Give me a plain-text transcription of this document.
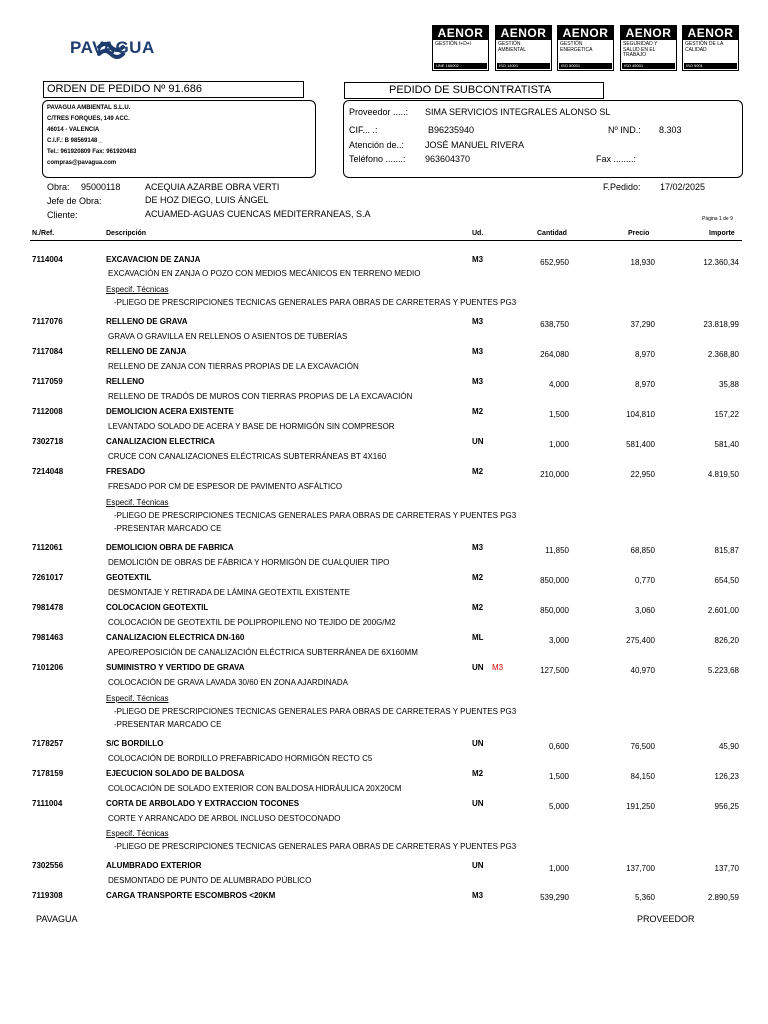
PAVAGUA
AENOR
GESTIÓN I+D+i
UNE 166002
AENOR
GESTIÓN AMBIENTAL
ISO 14001
AENOR
GESTIÓN ENERGÉTICA
ISO 50001
AENOR
SEGURIDAD Y SALUD EN EL TRABAJO
ISO 45001
AENOR
GESTIÓN DE LA CALIDAD
ISO 9001
ORDEN DE PEDIDO Nº 91.686	PEDIDO DE SUBCONTRATISTA
PAVAGUA AMBIENTAL S.L.U.
C/TRES FORQUES, 149 ACC.
46014 - VALENCIA
C.I.F.: B 98569148 _
Tel.: 961920809 Fax: 961920483
compras@pavagua.com
Proveedor .....: SIMA SERVICIOS INTEGRALES ALONSO SL
CIF... .:	B96235940	Nº IND.: 8.303
Atención de..: JOSÉ MANUEL RIVERA
Teléfono .......: 963604370	Fax ........:
Obra: 95000118	ACEQUIA AZARBE OBRA VERTI
Jefe de Obra:	DE HOZ DIEGO, LUIS ÁNGEL
Cliente:	ACUAMED-AGUAS CUENCAS MEDITERRANEAS, S.A
F.Pedido: 17/02/2025
Página 1 de 9
N./Ref.	Descripción	Ud.	Cantidad	Precio	Importe
7114004	EXCAVACION DE ZANJA	M3	652,950	18,930	12.360,34
EXCAVACIÓN EN ZANJA O POZO CON MEDIOS MECÁNICOS EN TERRENO MEDIO
Especif. Técnicas
-PLIEGO DE PRESCRIPCIONES TECNICAS GENERALES PARA OBRAS DE CARRETERAS Y PUENTES PG3
7117076	RELLENO DE GRAVA	M3	638,750	37,290	23.818,99
GRAVA O GRAVILLA EN RELLENOS O ASIENTOS DE TUBERÍAS
7117084	RELLENO DE ZANJA	M3	264,080	8,970	2.368,80
RELLENO DE ZANJA CON TIERRAS PROPIAS DE LA EXCAVACIÓN
7117059	RELLENO	M3	4,000	8,970	35,88
RELLENO DE TRADÓS DE MUROS CON TIERRAS PROPIAS DE LA EXCAVACIÓN
7112008	DEMOLICION ACERA EXISTENTE	M2	1,500	104,810	157,22
LEVANTADO SOLADO DE ACERA Y BASE DE HORMIGÓN SIN COMPRESOR
7302718	CANALIZACION ELECTRICA	UN	1,000	581,400	581,40
CRUCE CON CANALIZACIONES ELÉCTRICAS SUBTERRÁNEAS BT 4X160
7214048	FRESADO	M2	210,000	22,950	4.819,50
FRESADO POR CM DE ESPESOR DE PAVIMENTO ASFÁLTICO
Especif. Técnicas
-PLIEGO DE PRESCRIPCIONES TECNICAS GENERALES PARA OBRAS DE CARRETERAS Y PUENTES PG3
-PRESENTAR MARCADO CE
7112061	DEMOLICION OBRA DE FABRICA	M3	11,850	68,850	815,87
DEMOLICIÓN DE OBRAS DE FÁBRICA Y HORMIGÓN DE CUALQUIER TIPO
7261017	GEOTEXTIL	M2	850,000	0,770	654,50
DESMONTAJE Y RETIRADA DE LÁMINA GEOTEXTIL EXISTENTE
7981478	COLOCACION GEOTEXTIL	M2	850,000	3,060	2.601,00
COLOCACIÓN DE GEOTEXTIL DE POLIPROPILENO NO TEJIDO DE 200G/M2
7981463	CANALIZACION ELECTRICA DN-160	ML	3,000	275,400	826,20
APEO/REPOSICIÓN DE CANALIZACIÓN ELÉCTRICA SUBTERRÁNEA DE 6X160MM
7101206	SUMINISTRO Y VERTIDO DE GRAVA	UN M3	127,500	40,970	5.223,68
COLOCACIÓN DE GRAVA LAVADA 30/60 EN ZONA AJARDINADA
Especif. Técnicas
-PLIEGO DE PRESCRIPCIONES TECNICAS GENERALES PARA OBRAS DE CARRETERAS Y PUENTES PG3
-PRESENTAR MARCADO CE
7178257	S/C BORDILLO	UN	0,600	76,500	45,90
COLOCACIÓN DE BORDILLO PREFABRICADO HORMIGÓN RECTO C5
7178159	EJECUCION SOLADO DE BALDOSA	M2	1,500	84,150	126,23
COLOCACIÓN DE SOLADO EXTERIOR CON BALDOSA HIDRÁULICA 20X20CM
7111004	CORTA DE ARBOLADO Y EXTRACCION TOCONES	UN	5,000	191,250	956,25
CORTE Y ARRANCADO DE ARBOL INCLUSO DESTOCONADO
Especif. Técnicas
-PLIEGO DE PRESCRIPCIONES TECNICAS GENERALES PARA OBRAS DE CARRETERAS Y PUENTES PG3
7302556	ALUMBRADO EXTERIOR	UN	1,000	137,700	137,70
DESMONTADO DE PUNTO DE ALUMBRADO PÚBLICO
7119308	CARGA TRANSPORTE ESCOMBROS <20KM	M3	539,290	5,360	2.890,59
PAVAGUA	PROVEEDOR
